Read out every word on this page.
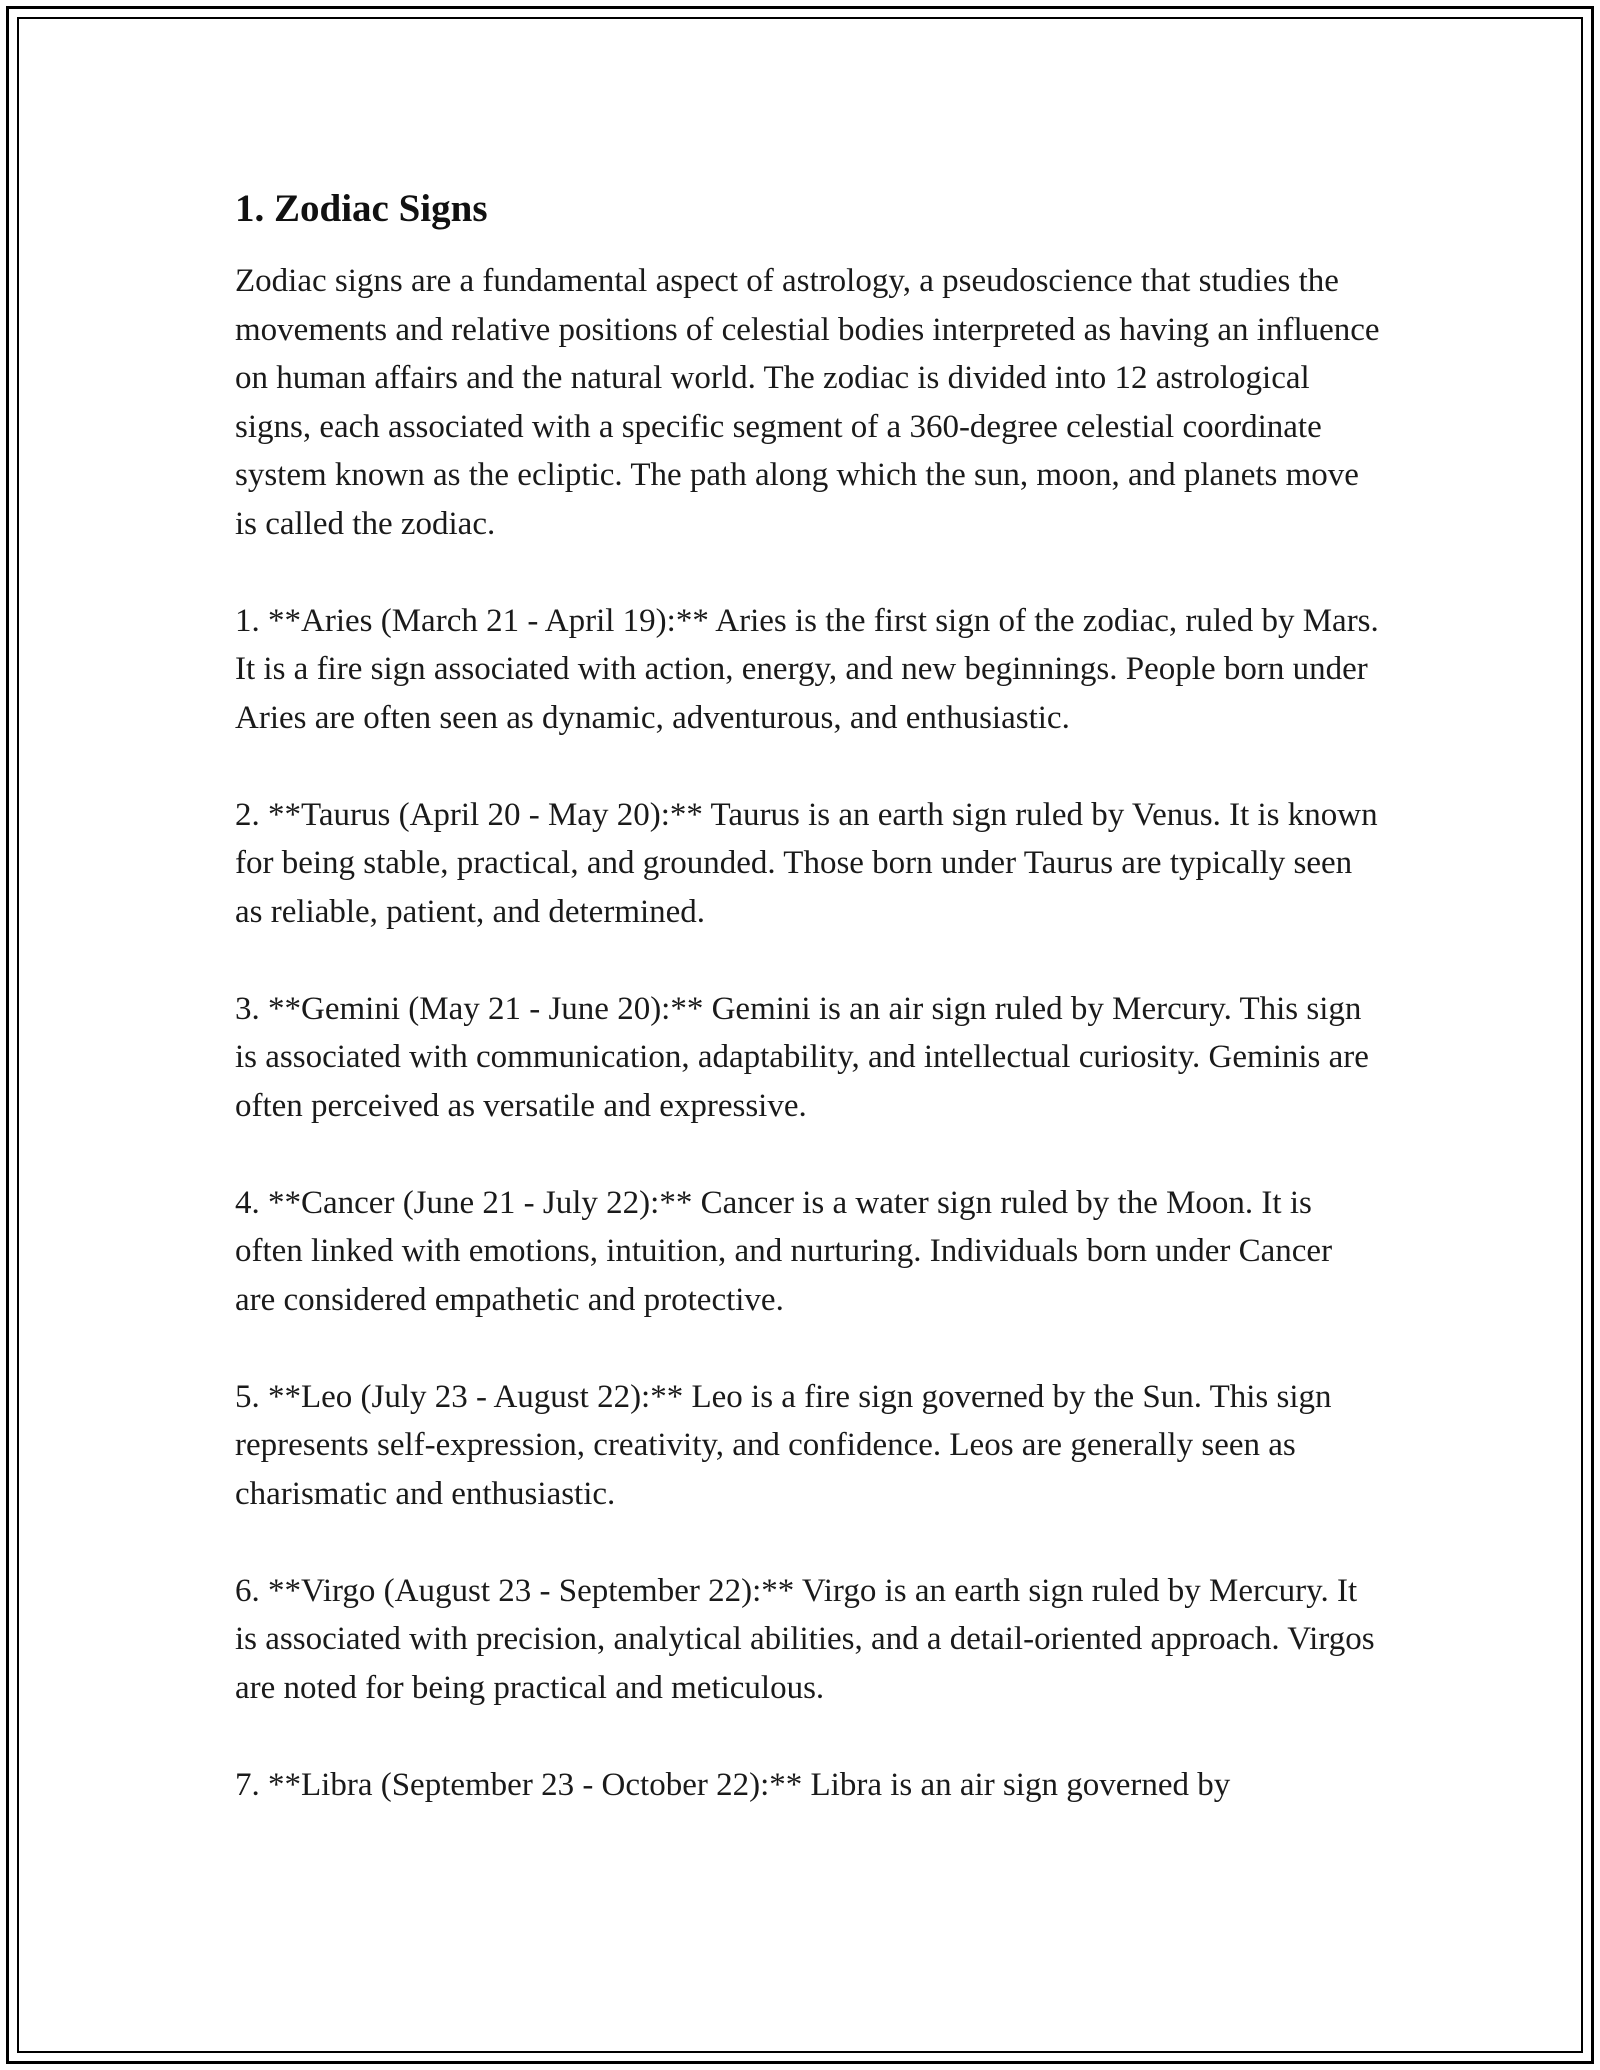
1. Zodiac Signs

Zodiac signs are a fundamental aspect of astrology, a pseudoscience that studies the movements and relative positions of celestial bodies interpreted as having an influence on human affairs and the natural world. The zodiac is divided into 12 astrological signs, each associated with a specific segment of a 360-degree celestial coordinate system known as the ecliptic. The path along which the sun, moon, and planets move is called the zodiac.

1. **Aries (March 21 - April 19):** Aries is the first sign of the zodiac, ruled by Mars. It is a fire sign associated with action, energy, and new beginnings. People born under Aries are often seen as dynamic, adventurous, and enthusiastic.

2. **Taurus (April 20 - May 20):** Taurus is an earth sign ruled by Venus. It is known for being stable, practical, and grounded. Those born under Taurus are typically seen as reliable, patient, and determined.

3. **Gemini (May 21 - June 20):** Gemini is an air sign ruled by Mercury. This sign is associated with communication, adaptability, and intellectual curiosity. Geminis are often perceived as versatile and expressive.

4. **Cancer (June 21 - July 22):** Cancer is a water sign ruled by the Moon. It is often linked with emotions, intuition, and nurturing. Individuals born under Cancer are considered empathetic and protective.

5. **Leo (July 23 - August 22):** Leo is a fire sign governed by the Sun. This sign represents self-expression, creativity, and confidence. Leos are generally seen as charismatic and enthusiastic.

6. **Virgo (August 23 - September 22):** Virgo is an earth sign ruled by Mercury. It is associated with precision, analytical abilities, and a detail-oriented approach. Virgos are noted for being practical and meticulous.

7. **Libra (September 23 - October 22):** Libra is an air sign governed by
